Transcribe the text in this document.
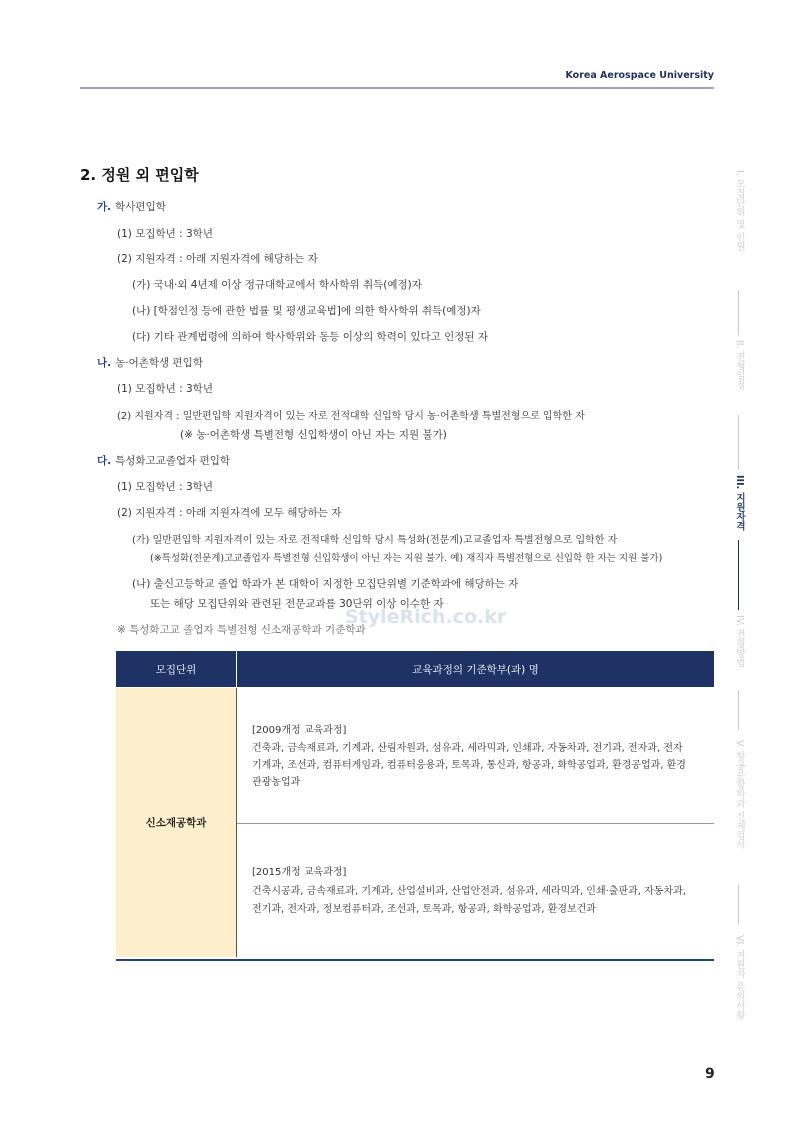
Korea Aerospace University
2. 정원 외 편입학
가. 학사편입학
(1) 모집학년 : 3학년
(2) 지원자격 : 아래 지원자격에 해당하는 자
(가) 국내·외 4년제 이상 정규대학교에서 학사학위 취득(예정)자
(나) [학점인정 등에 관한 법률 및 평생교육법]에 의한 학사학위 취득(예정)자
(다) 기타 관계법령에 의하여 학사학위와 동등 이상의 학력이 있다고 인정된 자
나. 농·어촌학생 편입학
(1) 모집학년 : 3학년
(2) 지원자격 : 일반편입학 지원자격이 있는 자로 전적대학 신입학 당시 농·어촌학생 특별전형으로 입학한 자
(※ 농·어촌학생 특별전형 신입학생이 아닌 자는 지원 불가)
다. 특성화고교졸업자 편입학
(1) 모집학년 : 3학년
(2) 지원자격 : 아래 지원자격에 모두 해당하는 자
(가) 일반편입학 지원자격이 있는 자로 전적대학 신입학 당시 특성화(전문계)고교졸업자 특별전형으로 입학한 자
(※특성화(전문계)고교졸업자 특별전형 신입학생이 아닌 자는 지원 불가. 예) 재직자 특별전형으로 신입학 한 자는 지원 불가)
(나) 출신고등학교 졸업 학과가 본 대학이 지정한 모집단위별 기준학과에 해당하는 자
또는 해당 모집단위와 관련된 전문교과를 30단위 이상 이수한 자
※ 특성화고교 졸업자 특별전형 신소재공학과 기준학과
StyleRich.co.kr
모집단위	교육과정의 기준학부(과) 명
신소재공학과
[2009개정 교육과정]
건축과, 금속재료과, 기계과, 산림자원과, 섬유과, 세라믹과, 인쇄과, 자동차과, 전기과, 전자과, 전자
기계과, 조선과, 컴퓨터게임과, 컴퓨터응용과, 토목과, 통신과, 항공과, 화학공업과, 환경공업과, 환경
관광농업과
[2015개정 교육과정]
건축시공과, 금속재료과, 기계과, 산업설비과, 산업안전과, 섬유과, 세라믹과, 인쇄·출판과, 자동차과,
전기과, 전자과, 정보컴퓨터과, 조선과, 토목과, 항공과, 화학공업과, 환경보건과
I. 모집단위 및 인원
II. 전형일정
III. 지원자격
IV. 전형방법
V. 항공운항학과 신체검사
VI. 지원자 유의사항
9
